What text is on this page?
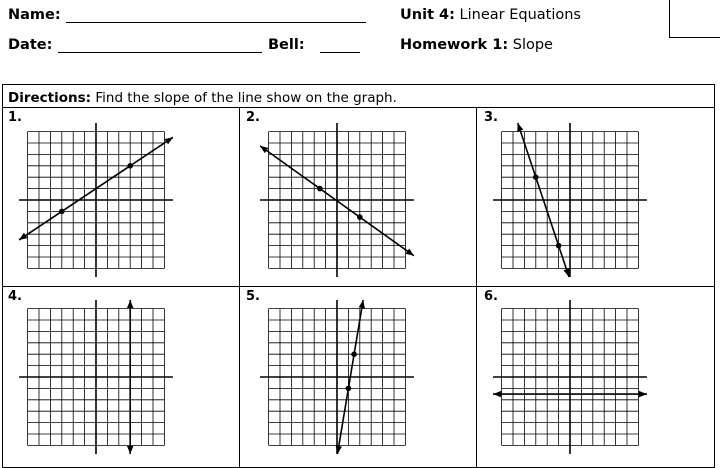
Name:
Date:	Bell:
Unit 4: Linear Equations
Homework 1: Slope
Directions: Find the slope of the line show on the graph.
1.	2.	3.
4.	5.	6.
